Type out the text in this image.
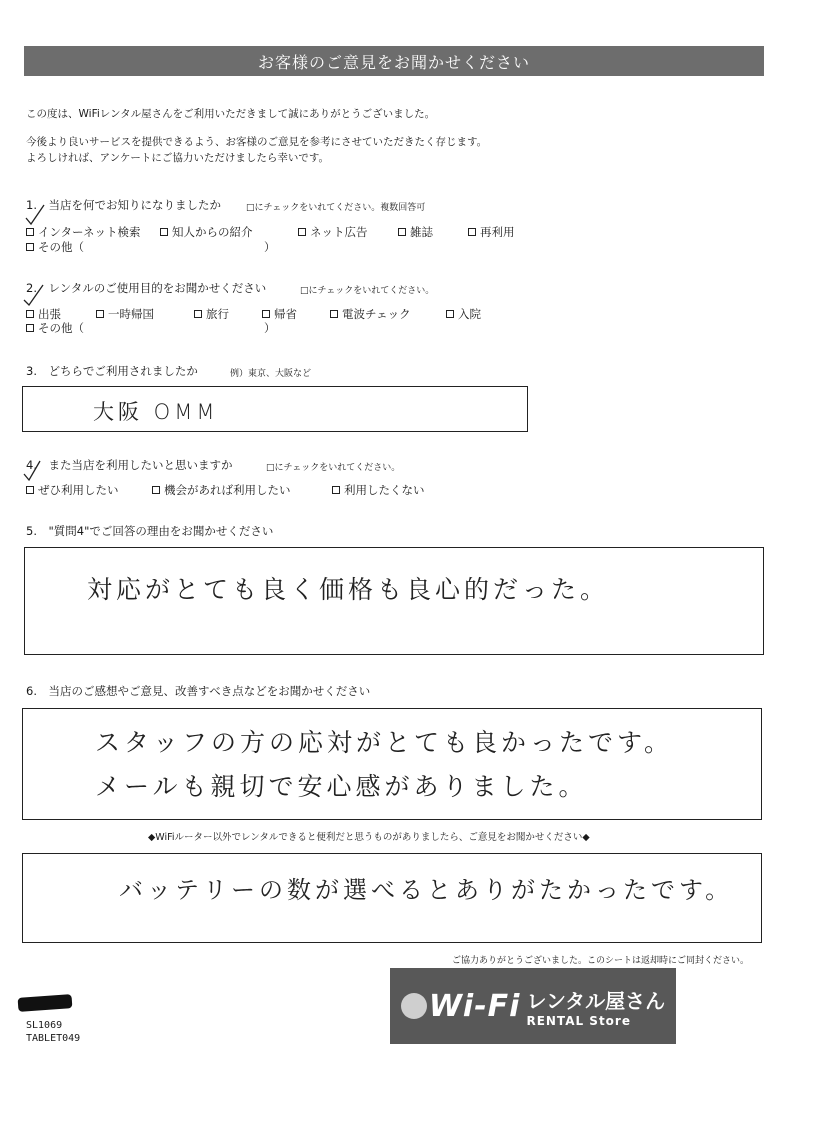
お客様のご意見をお聞かせください
この度は、WiFiレンタル屋さんをご利用いただきまして誠にありがとうございました。
今後より良いサービスを提供できるよう、お客様のご意見を参考にさせていただきたく存じます。
よろしければ、アンケートにご協力いただけましたら幸いです。
1.　当店を何でお知りになりましたか	□にチェックをいれてください。複数回答可
インターネット検索	知人からの紹介	ネット広告	雑誌	再利用
その他（	）
2.　レンタルのご使用目的をお聞かせください	□にチェックをいれてください。
出張	一時帰国	旅行	帰省	電波チェック	入院
その他（	）
3.　どちらでご利用されましたか	例）東京、大阪など
大阪 OMM
4.　また当店を利用したいと思いますか	□にチェックをいれてください。
ぜひ利用したい	機会があれば利用したい	利用したくない
5.　"質問4"でご回答の理由をお聞かせください
対応がとても良く価格も良心的だった。
6.　当店のご感想やご意見、改善すべき点などをお聞かせください
スタッフの方の応対がとても良かったです。
メールも親切で安心感がありました。
◆WiFiルーター以外でレンタルできると便利だと思うものがありましたら、ご意見をお聞かせください◆
バッテリーの数が選べるとありがたかったです。
ご協力ありがとうございました。このシートは返却時にご同封ください。
SL1069
TABLET049
Wi-Fi レンタル屋さん
RENTAL Store
